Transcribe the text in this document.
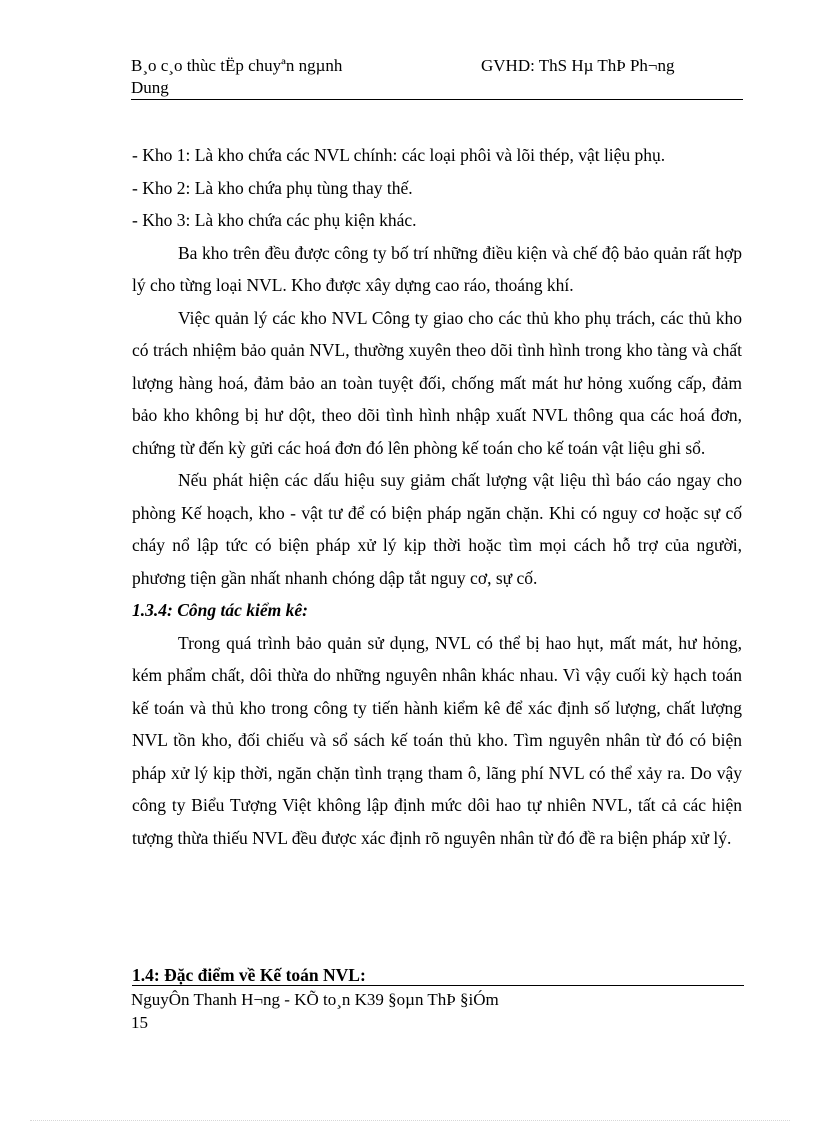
B¸o c¸o thùc tËp chuyªn ngµnh
Dung
GVHD: ThS Hµ ThÞ Ph¬ng

- Kho 1: Là kho chứa các NVL chính: các loại phôi và lõi thép, vật liệu phụ.

- Kho 2: Là kho chứa phụ tùng thay thế.

- Kho 3: Là kho chứa các phụ kiện khác.

Ba kho trên đều được công ty bố trí những điều kiện và chế độ bảo quản rất hợp lý cho từng loại NVL. Kho được xây dựng cao ráo, thoáng khí.

Việc quản lý các kho NVL Công ty giao cho các thủ kho phụ trách, các thủ kho có trách nhiệm bảo quản NVL, thường xuyên theo dõi tình hình trong kho tàng và chất lượng hàng hoá, đảm bảo an toàn tuyệt đối, chống mất mát hư hỏng xuống cấp, đảm bảo kho không bị hư dột, theo dõi tình hình nhập xuất NVL thông qua các hoá đơn, chứng từ đến kỳ gửi các hoá đơn đó lên phòng kế toán cho kế toán vật liệu ghi sổ.

Nếu phát hiện các dấu hiệu suy giảm chất lượng vật liệu thì báo cáo ngay cho phòng Kế hoạch, kho - vật tư để có biện pháp ngăn chặn. Khi có nguy cơ hoặc sự cố cháy nổ lập tức có biện pháp xử lý kịp thời hoặc tìm mọi cách hỗ trợ của người, phương tiện gần nhất nhanh chóng dập tắt nguy cơ, sự cố.

1.3.4: Công tác kiểm kê:

Trong quá trình bảo quản sử dụng, NVL có thể bị hao hụt, mất mát, hư hỏng, kém phẩm chất, dôi thừa do những nguyên nhân khác nhau. Vì vậy cuối kỳ hạch toán kế toán và thủ kho trong công ty tiến hành kiểm kê để xác định số lượng, chất lượng NVL tồn kho, đối chiếu và sổ sách kế toán thủ kho. Tìm nguyên nhân từ đó có biện pháp xử lý kịp thời, ngăn chặn tình trạng tham ô, lãng phí NVL có thể xảy ra. Do vậy công ty Biểu Tượng Việt không lập định mức dôi hao tự nhiên NVL, tất cả các hiện tượng thừa thiếu NVL đều được xác định rõ nguyên nhân từ đó đề ra biện pháp xử lý.

1.4: Đặc điểm về Kế toán NVL:
NguyÔn Thanh H¬ng - KÕ to¸n K39 §oµn ThÞ §iÓm
15
